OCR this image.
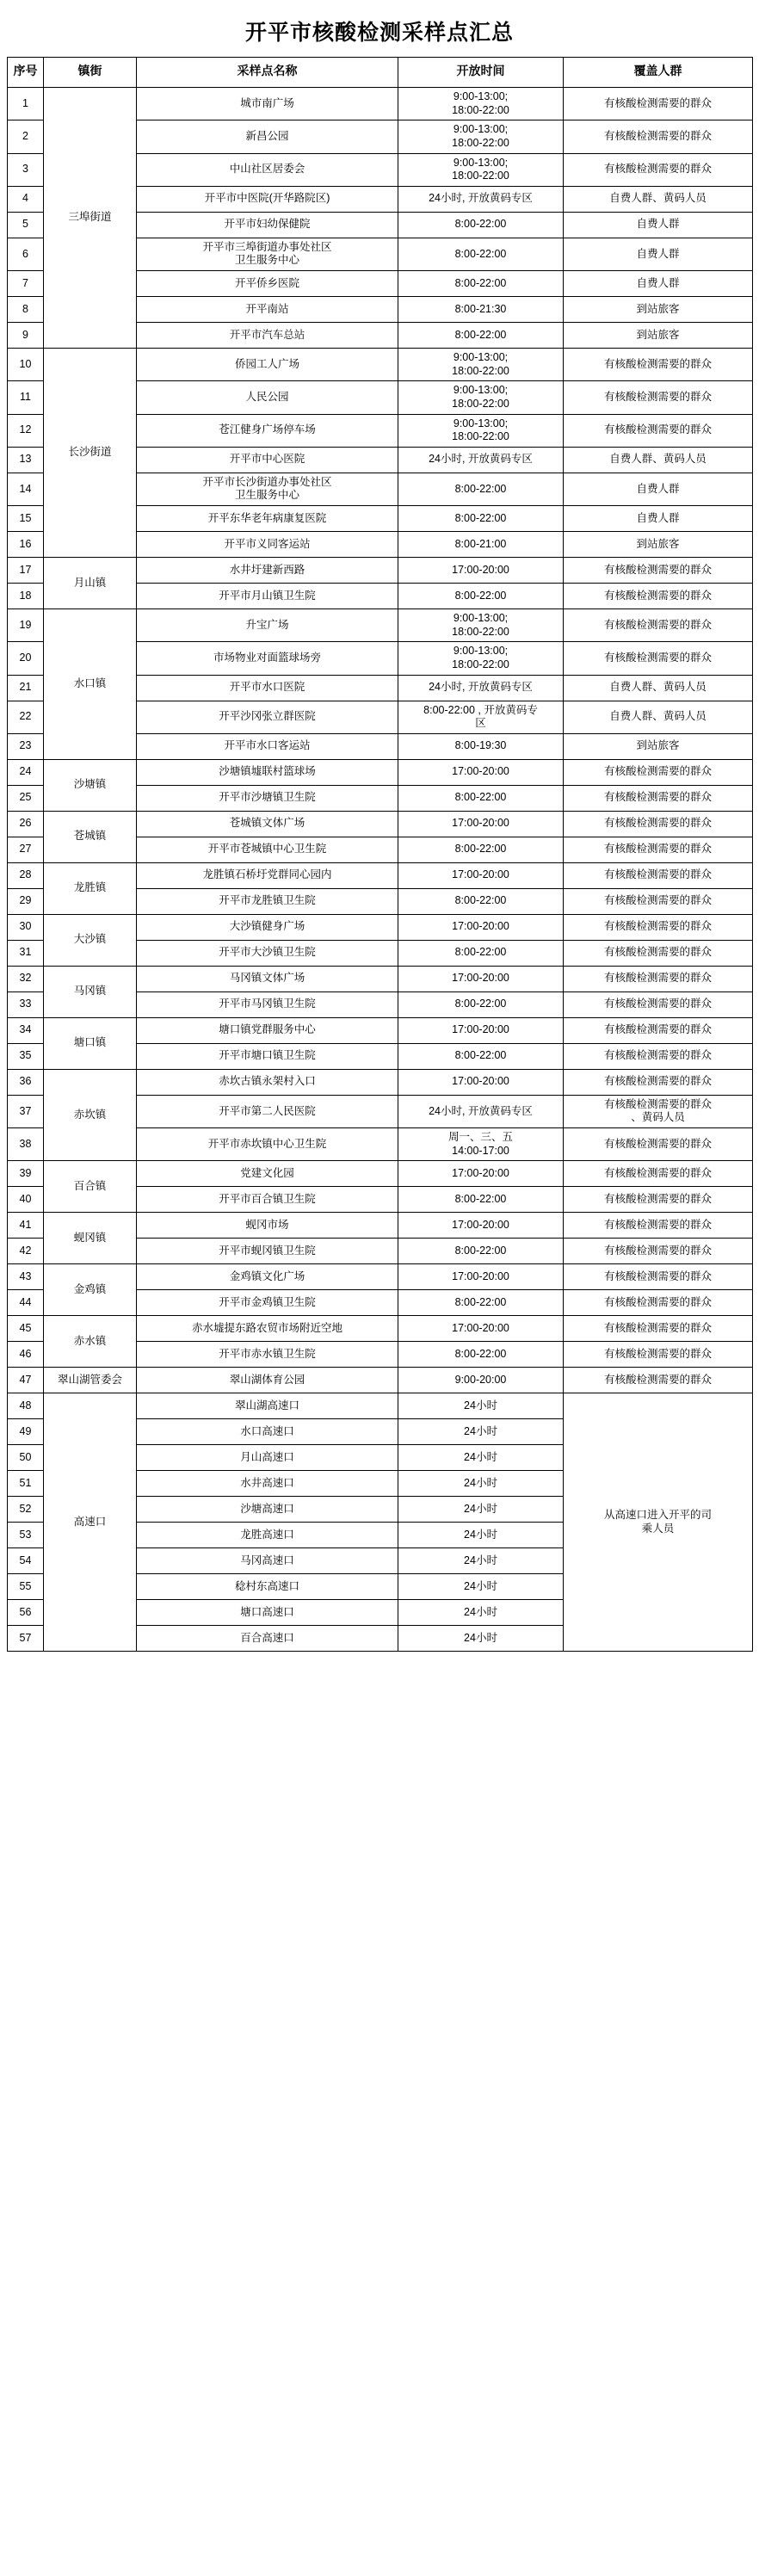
开平市核酸检测采样点汇总
序号	镇街	采样点名称	开放时间	覆盖人群
1	三埠街道	城市南广场	9:00-13:00;
18:00-22:00	有核酸检测需要的群众
2		新昌公园	9:00-13:00;
18:00-22:00	有核酸检测需要的群众
3		中山社区居委会	9:00-13:00;
18:00-22:00	有核酸检测需要的群众
4		开平市中医院(开华路院区)	24小时, 开放黄码专区	自费人群、黄码人员
5		开平市妇幼保健院	8:00-22:00	自费人群
6		开平市三埠街道办事处社区
卫生服务中心	8:00-22:00	自费人群
7		开平侨乡医院	8:00-22:00	自费人群
8		开平南站	8:00-21:30	到站旅客
9		开平市汽车总站	8:00-22:00	到站旅客
10	长沙街道	侨园工人广场	9:00-13:00;
18:00-22:00	有核酸检测需要的群众
11		人民公园	9:00-13:00;
18:00-22:00	有核酸检测需要的群众
12		苍江健身广场停车场	9:00-13:00;
18:00-22:00	有核酸检测需要的群众
13		开平市中心医院	24小时, 开放黄码专区	自费人群、黄码人员
14		开平市长沙街道办事处社区
卫生服务中心	8:00-22:00	自费人群
15		开平东华老年病康复医院	8:00-22:00	自费人群
16		开平市义同客运站	8:00-21:00	到站旅客
17	月山镇	水井圩建新西路	17:00-20:00	有核酸检测需要的群众
18		开平市月山镇卫生院	8:00-22:00	有核酸检测需要的群众
19	水口镇	升宝广场	9:00-13:00;
18:00-22:00	有核酸检测需要的群众
20		市场物业对面篮球场旁	9:00-13:00;
18:00-22:00	有核酸检测需要的群众
21		开平市水口医院	24小时, 开放黄码专区	自费人群、黄码人员
22		开平沙冈张立群医院	8:00-22:00 , 开放黄码专
区	自费人群、黄码人员
23		开平市水口客运站	8:00-19:30	到站旅客
24	沙塘镇	沙塘镇墟联村篮球场	17:00-20:00	有核酸检测需要的群众
25		开平市沙塘镇卫生院	8:00-22:00	有核酸检测需要的群众
26	苍城镇	苍城镇文体广场	17:00-20:00	有核酸检测需要的群众
27		开平市苍城镇中心卫生院	8:00-22:00	有核酸检测需要的群众
28	龙胜镇	龙胜镇石桥圩党群同心园内	17:00-20:00	有核酸检测需要的群众
29		开平市龙胜镇卫生院	8:00-22:00	有核酸检测需要的群众
30	大沙镇	大沙镇健身广场	17:00-20:00	有核酸检测需要的群众
31		开平市大沙镇卫生院	8:00-22:00	有核酸检测需要的群众
32	马冈镇	马冈镇文体广场	17:00-20:00	有核酸检测需要的群众
33		开平市马冈镇卫生院	8:00-22:00	有核酸检测需要的群众
34	塘口镇	塘口镇党群服务中心	17:00-20:00	有核酸检测需要的群众
35		开平市塘口镇卫生院	8:00-22:00	有核酸检测需要的群众
36	赤坎镇	赤坎古镇永架村入口	17:00-20:00	有核酸检测需要的群众
37		开平市第二人民医院	24小时, 开放黄码专区	有核酸检测需要的群众
、黄码人员
38		开平市赤坎镇中心卫生院	周一、三、五
14:00-17:00	有核酸检测需要的群众
39	百合镇	党建文化园	17:00-20:00	有核酸检测需要的群众
40		开平市百合镇卫生院	8:00-22:00	有核酸检测需要的群众
41	蚬冈镇	蚬冈市场	17:00-20:00	有核酸检测需要的群众
42		开平市蚬冈镇卫生院	8:00-22:00	有核酸检测需要的群众
43	金鸡镇	金鸡镇文化广场	17:00-20:00	有核酸检测需要的群众
44		开平市金鸡镇卫生院	8:00-22:00	有核酸检测需要的群众
45	赤水镇	赤水墟提东路农贸市场附近空地	17:00-20:00	有核酸检测需要的群众
46		开平市赤水镇卫生院	8:00-22:00	有核酸检测需要的群众
47	翠山湖管委会	翠山湖体育公园	9:00-20:00	有核酸检测需要的群众
48	高速口	翠山湖高速口	24小时	从高速口进入开平的司
乘人员
49		水口高速口	24小时	
50		月山高速口	24小时	
51		水井高速口	24小时	
52		沙塘高速口	24小时	
53		龙胜高速口	24小时	
54		马冈高速口	24小时	
55		稔村东高速口	24小时	
56		塘口高速口	24小时	
57		百合高速口	24小时	
